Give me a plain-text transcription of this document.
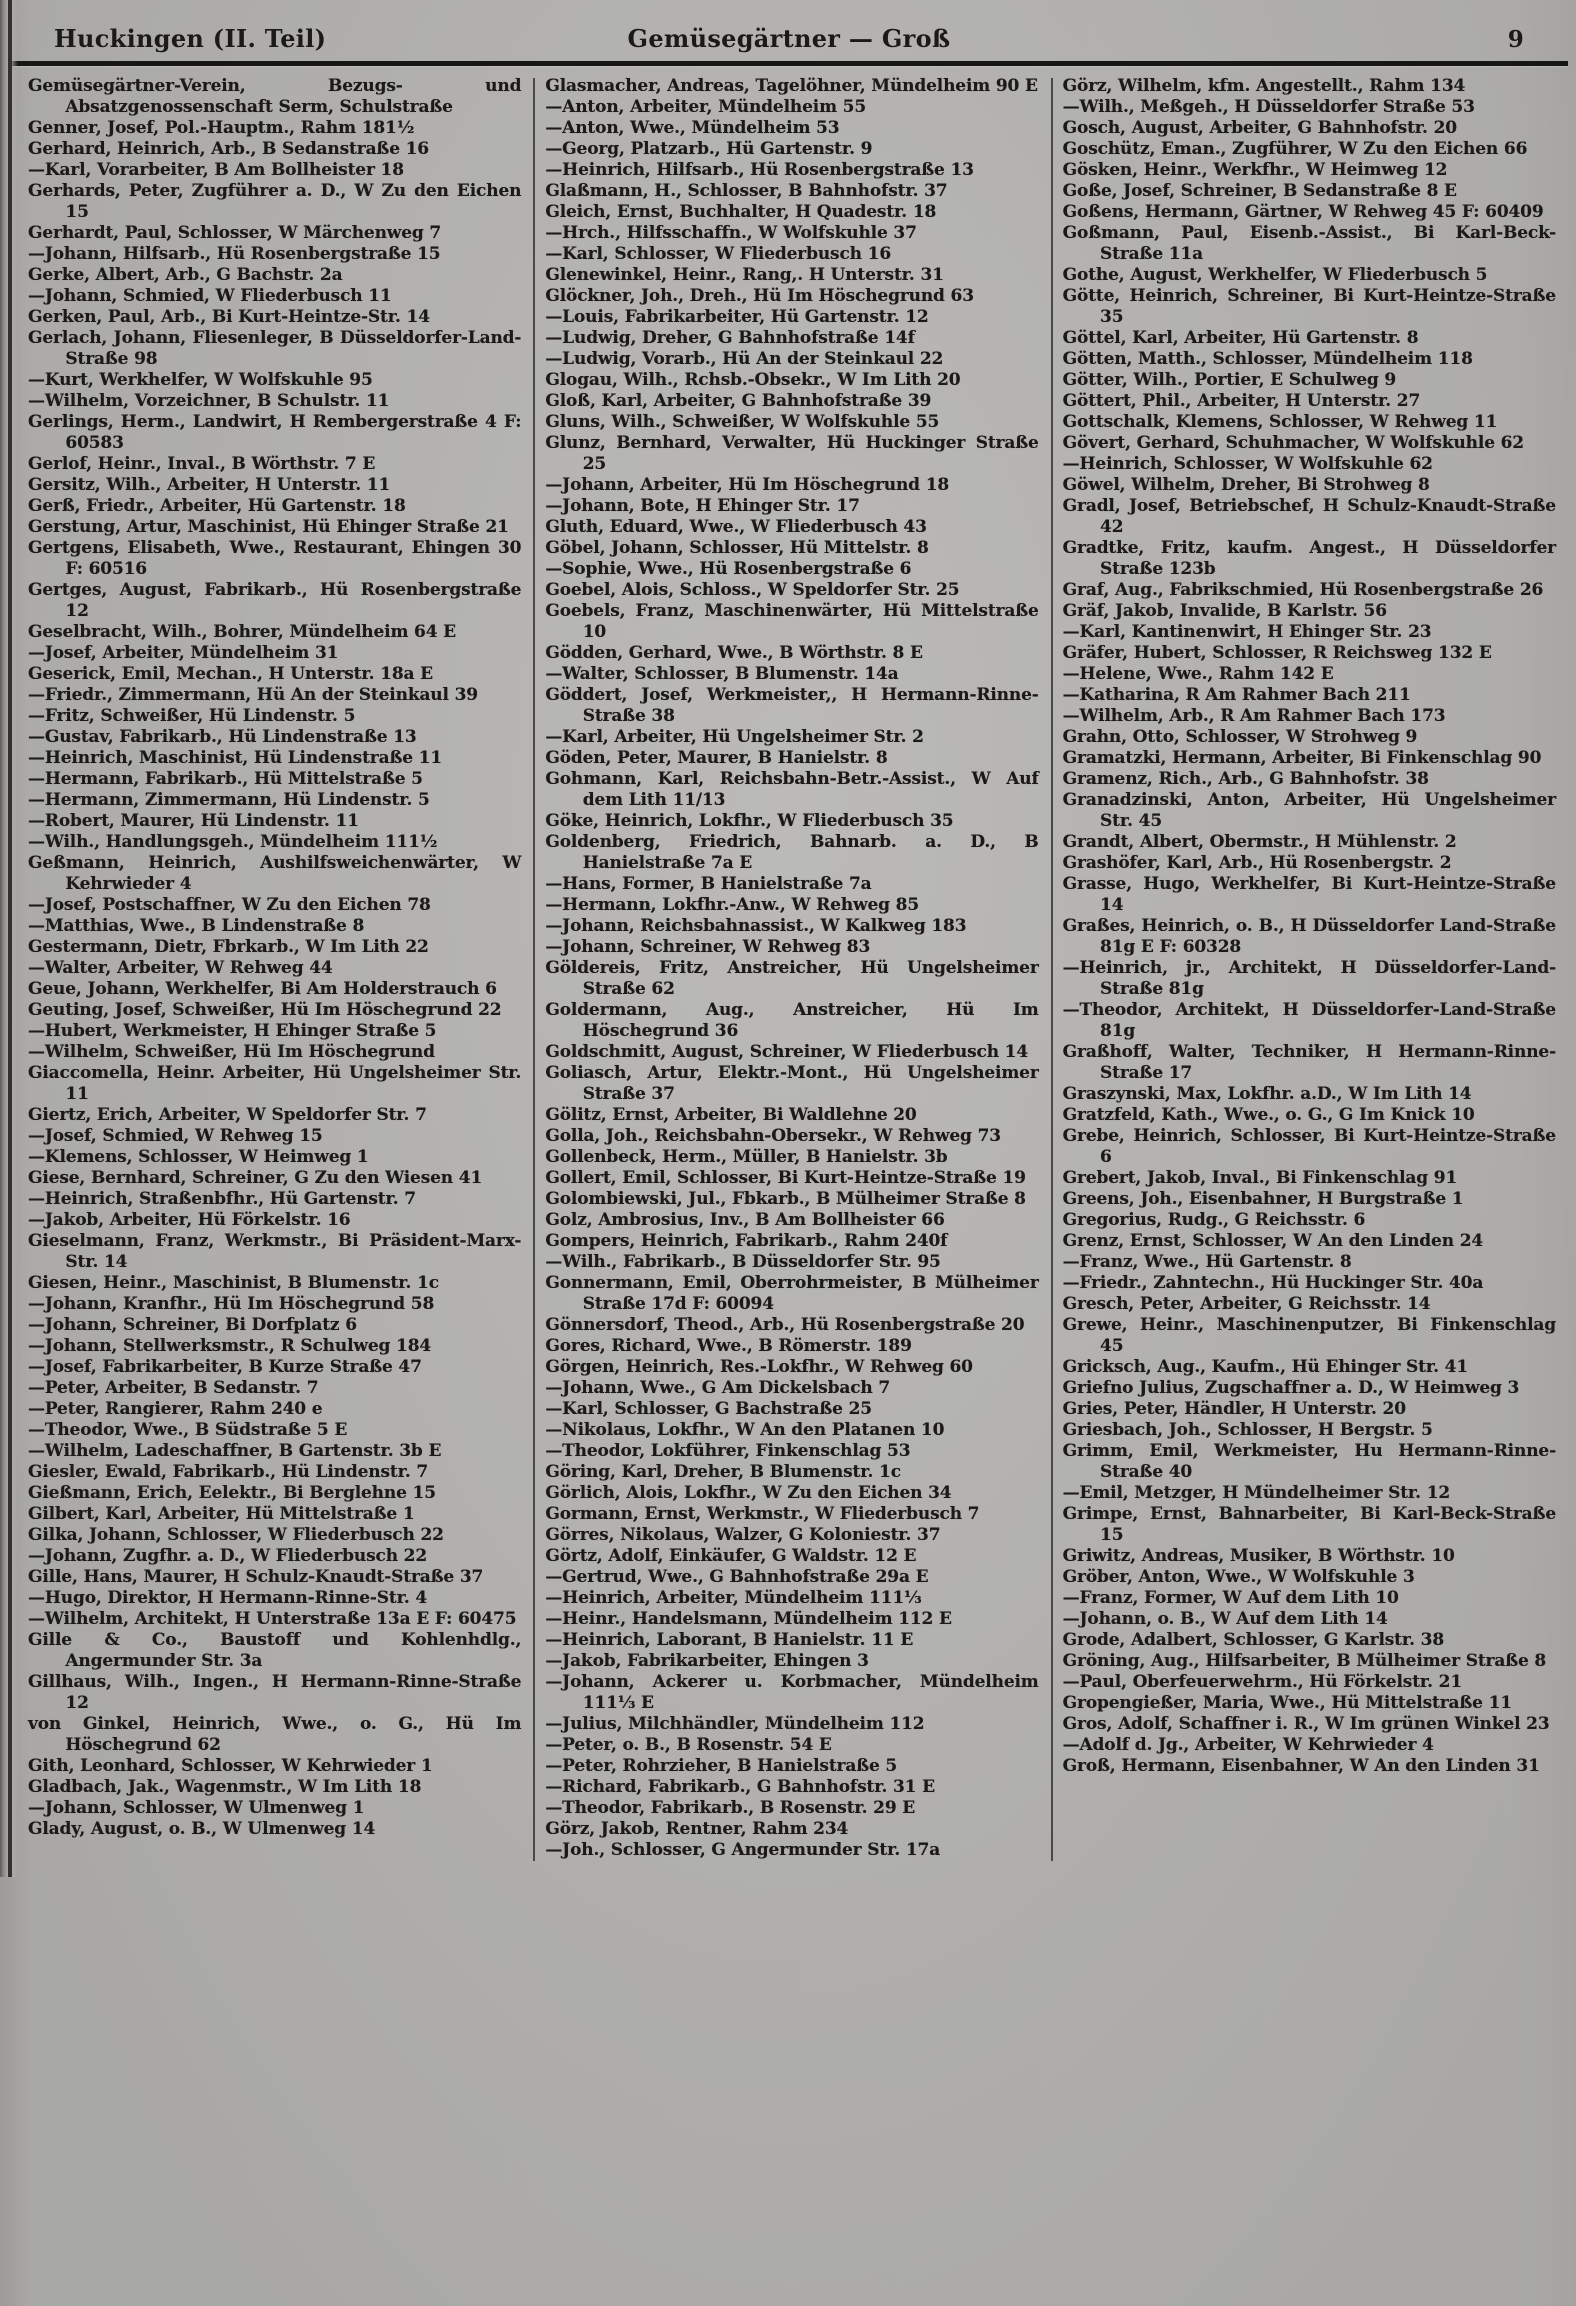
Huckingen (II. Teil)	Gemüsegärtner — Groß	9

Gemüsegärtner-Verein, Bezugs- und Absatzgenossenschaft Serm, Schulstraße

Genner, Josef, Pol.-Hauptm., Rahm 181½

Gerhard, Heinrich, Arb., B Sedanstraße 16

—Karl, Vorarbeiter, B Am Bollheister 18

Gerhards, Peter, Zugführer a. D., W Zu den Eichen 15

Gerhardt, Paul, Schlosser, W Märchenweg 7

—Johann, Hilfsarb., Hü Rosenbergstraße 15

Gerke, Albert, Arb., G Bachstr. 2a

—Johann, Schmied, W Fliederbusch 11

Gerken, Paul, Arb., Bi Kurt-Heintze-Str. 14

Gerlach, Johann, Fliesenleger, B Düsseldorfer-Land-Straße 98

—Kurt, Werkhelfer, W Wolfskuhle 95

—Wilhelm, Vorzeichner, B Schulstr. 11

Gerlings, Herm., Landwirt, H Rembergerstraße 4 F: 60583

Gerlof, Heinr., Inval., B Wörthstr. 7 E

Gersitz, Wilh., Arbeiter, H Unterstr. 11

Gerß, Friedr., Arbeiter, Hü Gartenstr. 18

Gerstung, Artur, Maschinist, Hü Ehinger Straße 21

Gertgens, Elisabeth, Wwe., Restaurant, Ehingen 30 F: 60516

Gertges, August, Fabrikarb., Hü Rosenbergstraße 12

Geselbracht, Wilh., Bohrer, Mündelheim 64 E

—Josef, Arbeiter, Mündelheim 31

Geserick, Emil, Mechan., H Unterstr. 18a E

—Friedr., Zimmermann, Hü An der Steinkaul 39

—Fritz, Schweißer, Hü Lindenstr. 5

—Gustav, Fabrikarb., Hü Lindenstraße 13

—Heinrich, Maschinist, Hü Lindenstraße 11

—Hermann, Fabrikarb., Hü Mittelstraße 5

—Hermann, Zimmermann, Hü Lindenstr. 5

—Robert, Maurer, Hü Lindenstr. 11

—Wilh., Handlungsgeh., Mündelheim 111½

Geßmann, Heinrich, Aushilfsweichenwärter, W Kehrwieder 4

—Josef, Postschaffner, W Zu den Eichen 78

—Matthias, Wwe., B Lindenstraße 8

Gestermann, Dietr, Fbrkarb., W Im Lith 22

—Walter, Arbeiter, W Rehweg 44

Geue, Johann, Werkhelfer, Bi Am Holderstrauch 6

Geuting, Josef, Schweißer, Hü Im Höschegrund 22

—Hubert, Werkmeister, H Ehinger Straße 5

—Wilhelm, Schweißer, Hü Im Höschegrund

Giaccomella, Heinr. Arbeiter, Hü Ungelsheimer Str. 11

Giertz, Erich, Arbeiter, W Speldorfer Str. 7

—Josef, Schmied, W Rehweg 15

—Klemens, Schlosser, W Heimweg 1

Giese, Bernhard, Schreiner, G Zu den Wiesen 41

—Heinrich, Straßenbfhr., Hü Gartenstr. 7

—Jakob, Arbeiter, Hü Förkelstr. 16

Gieselmann, Franz, Werkmstr., Bi Präsident-Marx-Str. 14

Giesen, Heinr., Maschinist, B Blumenstr. 1c

—Johann, Kranfhr., Hü Im Höschegrund 58

—Johann, Schreiner, Bi Dorfplatz 6

—Johann, Stellwerksmstr., R Schulweg 184

—Josef, Fabrikarbeiter, B Kurze Straße 47

—Peter, Arbeiter, B Sedanstr. 7

—Peter, Rangierer, Rahm 240 e

—Theodor, Wwe., B Südstraße 5 E

—Wilhelm, Ladeschaffner, B Gartenstr. 3b E

Giesler, Ewald, Fabrikarb., Hü Lindenstr. 7

Gießmann, Erich, Eelektr., Bi Berglehne 15

Gilbert, Karl, Arbeiter, Hü Mittelstraße 1

Gilka, Johann, Schlosser, W Fliederbusch 22

—Johann, Zugfhr. a. D., W Fliederbusch 22

Gille, Hans, Maurer, H Schulz-Knaudt-Straße 37

—Hugo, Direktor, H Hermann-Rinne-Str. 4

—Wilhelm, Architekt, H Unterstraße 13a E F: 60475

Gille & Co., Baustoff und Kohlenhdlg., Angermunder Str. 3a

Gillhaus, Wilh., Ingen., H Hermann-Rinne-Straße 12

von Ginkel, Heinrich, Wwe., o. G., Hü Im Höschegrund 62

Gith, Leonhard, Schlosser, W Kehrwieder 1

Gladbach, Jak., Wagenmstr., W Im Lith 18

—Johann, Schlosser, W Ulmenweg 1

Glady, August, o. B., W Ulmenweg 14

Glasmacher, Andreas, Tagelöhner, Mündelheim 90 E

—Anton, Arbeiter, Mündelheim 55

—Anton, Wwe., Mündelheim 53

—Georg, Platzarb., Hü Gartenstr. 9

—Heinrich, Hilfsarb., Hü Rosenbergstraße 13

Glaßmann, H., Schlosser, B Bahnhofstr. 37

Gleich, Ernst, Buchhalter, H Quadestr. 18

—Hrch., Hilfsschaffn., W Wolfskuhle 37

—Karl, Schlosser, W Fliederbusch 16

Glenewinkel, Heinr., Rang,. H Unterstr. 31

Glöckner, Joh., Dreh., Hü Im Höschegrund 63

—Louis, Fabrikarbeiter, Hü Gartenstr. 12

—Ludwig, Dreher, G Bahnhofstraße 14f

—Ludwig, Vorarb., Hü An der Steinkaul 22

Glogau, Wilh., Rchsb.-Obsekr., W Im Lith 20

Gloß, Karl, Arbeiter, G Bahnhofstraße 39

Gluns, Wilh., Schweißer, W Wolfskuhle 55

Glunz, Bernhard, Verwalter, Hü Huckinger Straße 25

—Johann, Arbeiter, Hü Im Höschegrund 18

—Johann, Bote, H Ehinger Str. 17

Gluth, Eduard, Wwe., W Fliederbusch 43

Göbel, Johann, Schlosser, Hü Mittelstr. 8

—Sophie, Wwe., Hü Rosenbergstraße 6

Goebel, Alois, Schloss., W Speldorfer Str. 25

Goebels, Franz, Maschinenwärter, Hü Mittelstraße 10

Gödden, Gerhard, Wwe., B Wörthstr. 8 E

—Walter, Schlosser, B Blumenstr. 14a

Göddert, Josef, Werkmeister,, H Hermann-Rinne-Straße 38

—Karl, Arbeiter, Hü Ungelsheimer Str. 2

Göden, Peter, Maurer, B Hanielstr. 8

Gohmann, Karl, Reichsbahn-Betr.-Assist., W Auf dem Lith 11/13

Göke, Heinrich, Lokfhr., W Fliederbusch 35

Goldenberg, Friedrich, Bahnarb. a. D., B Hanielstraße 7a E

—Hans, Former, B Hanielstraße 7a

—Hermann, Lokfhr.-Anw., W Rehweg 85

—Johann, Reichsbahnassist., W Kalkweg 183

—Johann, Schreiner, W Rehweg 83

Göldereis, Fritz, Anstreicher, Hü Ungelsheimer Straße 62

Goldermann, Aug., Anstreicher, Hü Im Höschegrund 36

Goldschmitt, August, Schreiner, W Fliederbusch 14

Goliasch, Artur, Elektr.-Mont., Hü Ungelsheimer Straße 37

Gölitz, Ernst, Arbeiter, Bi Waldlehne 20

Golla, Joh., Reichsbahn-Obersekr., W Rehweg 73

Gollenbeck, Herm., Müller, B Hanielstr. 3b

Gollert, Emil, Schlosser, Bi Kurt-Heintze-Straße 19

Golombiewski, Jul., Fbkarb., B Mülheimer Straße 8

Golz, Ambrosius, Inv., B Am Bollheister 66

Gompers, Heinrich, Fabrikarb., Rahm 240f

—Wilh., Fabrikarb., B Düsseldorfer Str. 95

Gonnermann, Emil, Oberrohrmeister, B Mülheimer Straße 17d F: 60094

Gönnersdorf, Theod., Arb., Hü Rosenbergstraße 20

Gores, Richard, Wwe., B Römerstr. 189

Görgen, Heinrich, Res.-Lokfhr., W Rehweg 60

—Johann, Wwe., G Am Dickelsbach 7

—Karl, Schlosser, G Bachstraße 25

—Nikolaus, Lokfhr., W An den Platanen 10

—Theodor, Lokführer, Finkenschlag 53

Göring, Karl, Dreher, B Blumenstr. 1c

Görlich, Alois, Lokfhr., W Zu den Eichen 34

Gormann, Ernst, Werkmstr., W Fliederbusch 7

Görres, Nikolaus, Walzer, G Koloniestr. 37

Görtz, Adolf, Einkäufer, G Waldstr. 12 E

—Gertrud, Wwe., G Bahnhofstraße 29a E

—Heinrich, Arbeiter, Mündelheim 111⅓

—Heinr., Handelsmann, Mündelheim 112 E

—Heinrich, Laborant, B Hanielstr. 11 E

—Jakob, Fabrikarbeiter, Ehingen 3

—Johann, Ackerer u. Korbmacher, Mündelheim 111⅓ E

—Julius, Milchhändler, Mündelheim 112

—Peter, o. B., B Rosenstr. 54 E

—Peter, Rohrzieher, B Hanielstraße 5

—Richard, Fabrikarb., G Bahnhofstr. 31 E

—Theodor, Fabrikarb., B Rosenstr. 29 E

Görz, Jakob, Rentner, Rahm 234

—Joh., Schlosser, G Angermunder Str. 17a

Görz, Wilhelm, kfm. Angestellt., Rahm 134

—Wilh., Meßgeh., H Düsseldorfer Straße 53

Gosch, August, Arbeiter, G Bahnhofstr. 20

Goschütz, Eman., Zugführer, W Zu den Eichen 66

Gösken, Heinr., Werkfhr., W Heimweg 12

Goße, Josef, Schreiner, B Sedanstraße 8 E

Goßens, Hermann, Gärtner, W Rehweg 45 F: 60409

Goßmann, Paul, Eisenb.-Assist., Bi Karl-Beck-Straße 11a

Gothe, August, Werkhelfer, W Fliederbusch 5

Götte, Heinrich, Schreiner, Bi Kurt-Heintze-Straße 35

Göttel, Karl, Arbeiter, Hü Gartenstr. 8

Götten, Matth., Schlosser, Mündelheim 118

Götter, Wilh., Portier, E Schulweg 9

Göttert, Phil., Arbeiter, H Unterstr. 27

Gottschalk, Klemens, Schlosser, W Rehweg 11

Gövert, Gerhard, Schuhmacher, W Wolfskuhle 62

—Heinrich, Schlosser, W Wolfskuhle 62

Göwel, Wilhelm, Dreher, Bi Strohweg 8

Gradl, Josef, Betriebschef, H Schulz-Knaudt-Straße 42

Gradtke, Fritz, kaufm. Angest., H Düsseldorfer Straße 123b

Graf, Aug., Fabrikschmied, Hü Rosenbergstraße 26

Gräf, Jakob, Invalide, B Karlstr. 56

—Karl, Kantinenwirt, H Ehinger Str. 23

Gräfer, Hubert, Schlosser, R Reichsweg 132 E

—Helene, Wwe., Rahm 142 E

—Katharina, R Am Rahmer Bach 211

—Wilhelm, Arb., R Am Rahmer Bach 173

Grahn, Otto, Schlosser, W Strohweg 9

Gramatzki, Hermann, Arbeiter, Bi Finkenschlag 90

Gramenz, Rich., Arb., G Bahnhofstr. 38

Granadzinski, Anton, Arbeiter, Hü Ungelsheimer Str. 45

Grandt, Albert, Obermstr., H Mühlenstr. 2

Grashöfer, Karl, Arb., Hü Rosenbergstr. 2

Grasse, Hugo, Werkhelfer, Bi Kurt-Heintze-Straße 14

Graßes, Heinrich, o. B., H Düsseldorfer Land-Straße 81g E F: 60328

—Heinrich, jr., Architekt, H Düsseldorfer-Land-Straße 81g

—Theodor, Architekt, H Düsseldorfer-Land-Straße 81g

Graßhoff, Walter, Techniker, H Hermann-Rinne-Straße 17

Graszynski, Max, Lokfhr. a.D., W Im Lith 14

Gratzfeld, Kath., Wwe., o. G., G Im Knick 10

Grebe, Heinrich, Schlosser, Bi Kurt-Heintze-Straße 6

Grebert, Jakob, Inval., Bi Finkenschlag 91

Greens, Joh., Eisenbahner, H Burgstraße 1

Gregorius, Rudg., G Reichsstr. 6

Grenz, Ernst, Schlosser, W An den Linden 24

—Franz, Wwe., Hü Gartenstr. 8

—Friedr., Zahntechn., Hü Huckinger Str. 40a

Gresch, Peter, Arbeiter, G Reichsstr. 14

Grewe, Heinr., Maschinenputzer, Bi Finkenschlag 45

Gricksch, Aug., Kaufm., Hü Ehinger Str. 41

Griefno Julius, Zugschaffner a. D., W Heimweg 3

Gries, Peter, Händler, H Unterstr. 20

Griesbach, Joh., Schlosser, H Bergstr. 5

Grimm, Emil, Werkmeister, Hu Hermann-Rinne-Straße 40

—Emil, Metzger, H Mündelheimer Str. 12

Grimpe, Ernst, Bahnarbeiter, Bi Karl-Beck-Straße 15

Griwitz, Andreas, Musiker, B Wörthstr. 10

Gröber, Anton, Wwe., W Wolfskuhle 3

—Franz, Former, W Auf dem Lith 10

—Johann, o. B., W Auf dem Lith 14

Grode, Adalbert, Schlosser, G Karlstr. 38

Gröning, Aug., Hilfsarbeiter, B Mülheimer Straße 8

—Paul, Oberfeuerwehrm., Hü Förkelstr. 21

Gropengießer, Maria, Wwe., Hü Mittelstraße 11

Gros, Adolf, Schaffner i. R., W Im grünen Winkel 23

—Adolf d. Jg., Arbeiter, W Kehrwieder 4

Groß, Hermann, Eisenbahner, W An den Linden 31
